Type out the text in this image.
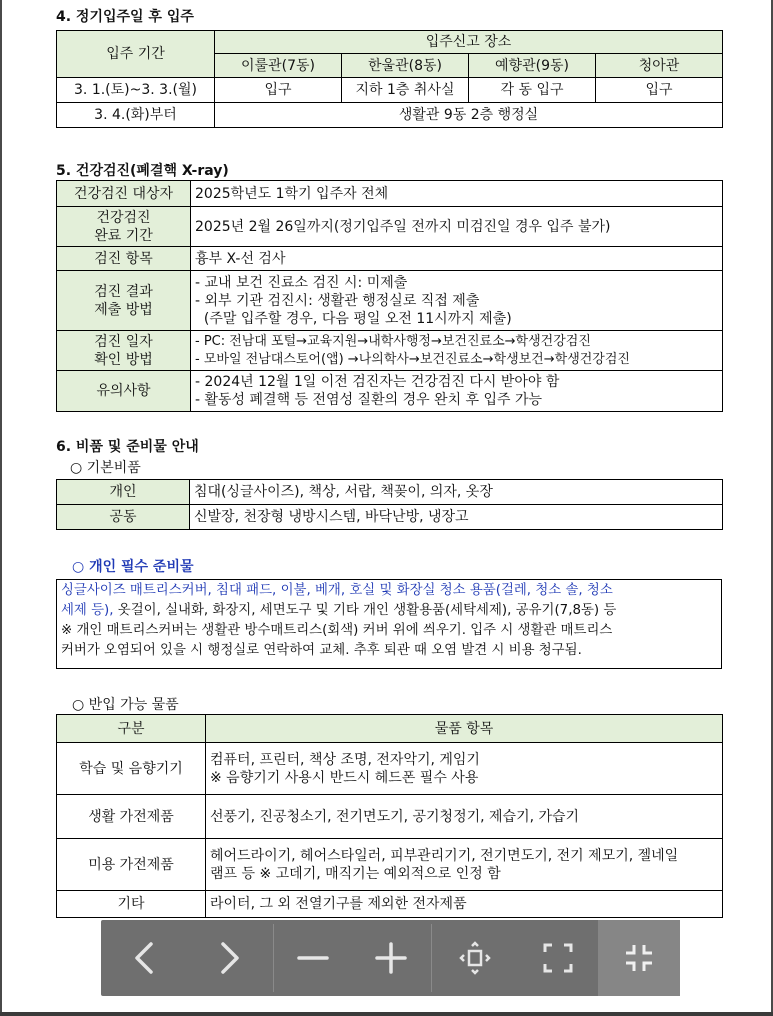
4. 정기입주일 후 입주
입주 기간	입주신고 장소			
	이룰관(7동)	한울관(8동)	예향관(9동)	청아관
3. 1.(토)~3. 3.(월)	입구	지하 1층 취사실	각 동 입구	입구
3. 4.(화)부터	생활관 9동 2층 행정실			
5. 건강검진(폐결핵 X-ray)
건강검진 대상자	2025학년도 1학기 입주자 전체
건강검진
완료 기간	2025년 2월 26일까지(정기입주일 전까지 미검진일 경우 입주 불가)
검진 항목	흉부 X-선 검사
검진 결과
제출 방법	- 교내 보건 진료소 검진 시: 미제출
- 외부 기관 검진시: 생활관 행정실로 직접 제출
(주말 입주할 경우, 다음 평일 오전 11시까지 제출)
검진 일자
확인 방법	- PC: 전남대 포털→교육지원→내학사행정→보건진료소→학생건강검진
- 모바일 전남대스토어(앱) →나의학사→보건진료소→학생보건→학생건강검진
유의사항	- 2024년 12월 1일 이전 검진자는 건강검진 다시 받아야 함
- 활동성 폐결핵 등 전염성 질환의 경우 완치 후 입주 가능
6. 비품 및 준비물 안내
○ 기본비품
개인	침대(싱글사이즈), 책상, 서랍, 책꽂이, 의자, 옷장
공동	신발장, 천장형 냉방시스템, 바닥난방, 냉장고
○ 개인 필수 준비물
싱글사이즈 매트리스커버, 침대 패드, 이불, 베개, 호실 및 화장실 청소 용품(걸레, 청소 솔, 청소
세제 등), 옷걸이, 실내화, 화장지, 세면도구 및 기타 개인 생활용품(세탁세제), 공유기(7,8동) 등
※ 개인 매트리스커버는 생활관 방수매트리스(회색) 커버 위에 씌우기. 입주 시 생활관 매트리스
커버가 오염되어 있을 시 행정실로 연락하여 교체. 추후 퇴관 때 오염 발견 시 비용 청구됨.
○ 반입 가능 물품
구분	물품 항목
학습 및 음향기기	컴퓨터, 프린터, 책상 조명, 전자악기, 게임기
※ 음향기기 사용시 반드시 헤드폰 필수 사용
생활 가전제품	선풍기, 진공청소기, 전기면도기, 공기청정기, 제습기, 가습기
미용 가전제품	헤어드라이기, 헤어스타일러, 피부관리기기, 전기면도기, 전기 제모기, 젤네일
램프 등 ※ 고데기, 매직기는 예외적으로 인정 함
기타	라이터, 그 외 전열기구를 제외한 전자제품
